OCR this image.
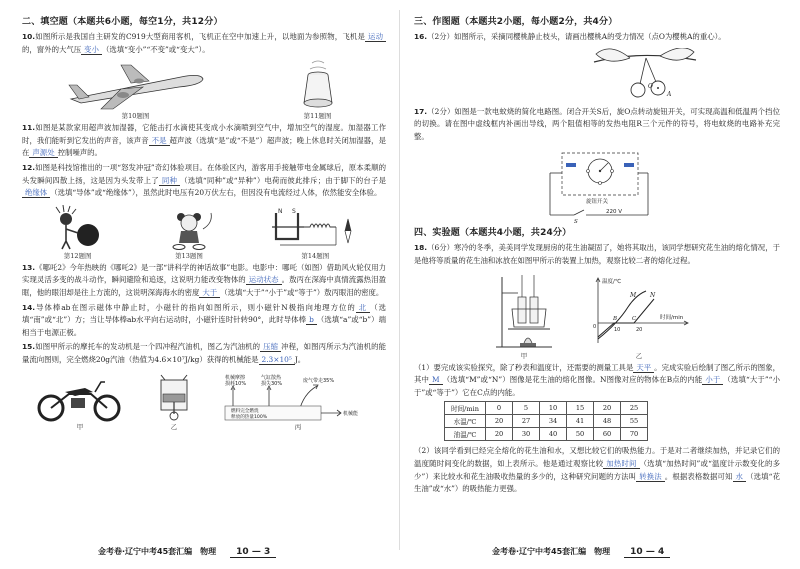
二、填空题（本题共6小题，每空1分，共12分）
10.如图所示是我国自主研发的C919大型商用客机，飞机正在空中加速上升，以地面为参照物，飞机是 运动的，窗外的大气压 变小 （选填“变小”“不变”或“变大”）。
第10题图	第11题图
11.如图是某款家用超声波加湿器，它能击打水滴使其变成小水滴喷到空气中，增加空气的湿度。加湿器工作时，我们能听到它发出的声音，该声音 不是 超声波（选填“是”或“不是”）超声波；晚上休息时关闭加湿器，是在 声源处 控制噪声的。
12.如图是科技馆推出的一项“怒发冲冠”奇幻体验项目。在体验区内，游客用手接触带电金属球后，原本柔顺的头发瞬间四散上扬，这是因为头发带上了 同种 （选填“同种”或“异种”）电荷而彼此排斥；由于脚下的台子是绝缘体 （选填“导体”或“绝缘体”），虽然此时电压有20万伏左右，但因没有电流经过人体，依然能安全体验。
第12题图	第13题图
N S
第14题图
13.《哪吒2》今年热映的《哪吒2》是一部“讲科学的神话故事”电影。电影中：哪吒（如图）借助风火轮仅用力实现灵活多变的战斗动作，瞬间避险和追逐，这说明力能改变物体的 运动状态 。敖丙在深海中真情流露热泪盈眶，他的眼泪却是往上方流的，这说明深海海水的密度 大于 （选填“大于”“小于”或“等于”）敖丙眼泪的密度。
14.导体棒ab在图示磁体中静止时，小磁针的指向如图所示，则小磁针N极指向地理方位的 北 （选填“南”或“北”）方；当让导体棒ab水平向右运动时，小磁针连时针转90°，此时导体棒 b （选填“a”或“b”）端相当于电源正极。
15.如图甲所示的摩托车的发动机是一个四冲程汽油机，图乙为汽油机的 压缩 冲程，如图丙所示为汽油机的能量流向图则，完全燃烧20g汽油（热值为4.6×10⁷J/kg）获得的机械能是 2.3×10⁵ J。
甲	乙
机械摩擦
损耗10%
气缸散热
损失30%	废气带走35%
燃料完全燃烧
释放的热量100%
机械能
丙
金考卷·辽宁中考45套汇编　物理 10 — 3
三、作图题（本题共2小题，每小题2分，共4分）
16.（2分）如图所示，采摘同樱桃静止枝头，请画出樱桃A的受力情况（点O为樱桃A的重心）。
O
A
17.（2分）如图是一款电蚊烧的简化电路图。闭合开关S后，旋O点转动旋钮开关，可实现高温和低温两个挡位的切换。请在图中虚线框内补画出导线，两个阻值相等的发热电阻R三个元件的符号，将电蚊烧的电路补充完整。
旋钮开关
S
220 V
四、实验题（本题共4小题，共24分）
18.（6分）寒冷的冬季，美美同学发现厨房的花生油凝固了，她将其取出，该同学想研究花生油的熔化情况，于是他将等质量的花生油和冰放在如图甲所示的装置上加热，观察比较二者的熔化过程。
甲
温度/℃
时间/min
0	10	20
M N
B	C
乙
（1）要完成该实验探究，除了秒表和温度计，还需要的测量工具是 天平 。完成实验后绘制了图乙所示的图象，其中 M （选填“M”或“N”）图像是花生油的熔化图像。N图像对应的物体在B点的内能 小于 （选填“大于”“小于”或“等于”）它在C点的内能。
时间/min	0	5	10	15	20	25
水温/℃	20	27	34	41	48	55
油温/℃	20	30	40	50	60	70
（2）该同学看到已经完全熔化的花生油和水，又想比较它们的吸热能力。于是对二者继续加热，并记录它们的温度随时间变化的数据，如上表所示。他是通过观察比较 加热时间 （选填“加热时间”或“温度计示数变化的多少”）来比较水和花生油吸收热量的多少的，这种研究问题的方法叫 转换法 。根据表格数据可知 水 （选填“花生油”或“水”）的吸热能力更强。
金考卷·辽宁中考45套汇编　物理 10 — 4
